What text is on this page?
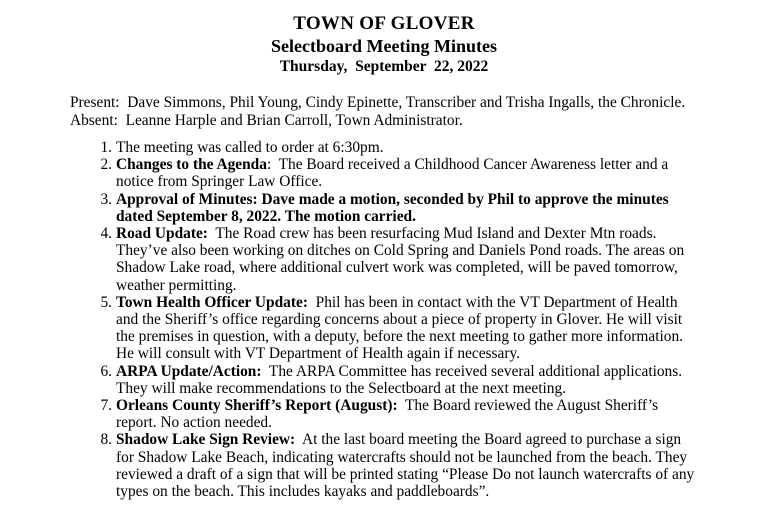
TOWN OF GLOVER
Selectboard Meeting Minutes
Thursday,  September  22, 2022
Present:  Dave Simmons, Phil Young, Cindy Epinette, Transcriber and Trisha Ingalls, the Chronicle.
Absent:  Leanne Harple and Brian Carroll, Town Administrator.
1. The meeting was called to order at 6:30pm.
2. Changes to the Agenda:  The Board received a Childhood Cancer Awareness letter and a notice from Springer Law Office.
3. Approval of Minutes: Dave made a motion, seconded by Phil to approve the minutes dated September 8, 2022. The motion carried.
4. Road Update: The Road crew has been resurfacing Mud Island and Dexter Mtn roads. They’ve also been working on ditches on Cold Spring and Daniels Pond roads. The areas on Shadow Lake road, where additional culvert work was completed, will be paved tomorrow, weather permitting.
5. Town Health Officer Update: Phil has been in contact with the VT Department of Health and the Sheriff’s office regarding concerns about a piece of property in Glover. He will visit the premises in question, with a deputy, before the next meeting to gather more information. He will consult with VT Department of Health again if necessary.
6. ARPA Update/Action: The ARPA Committee has received several additional applications. They will make recommendations to the Selectboard at the next meeting.
7. Orleans County Sheriff’s Report (August): The Board reviewed the August Sheriff’s report. No action needed.
8. Shadow Lake Sign Review: At the last board meeting the Board agreed to purchase a sign for Shadow Lake Beach, indicating watercrafts should not be launched from the beach. They reviewed a draft of a sign that will be printed stating “Please Do not launch watercrafts of any types on the beach. This includes kayaks and paddleboards”.
